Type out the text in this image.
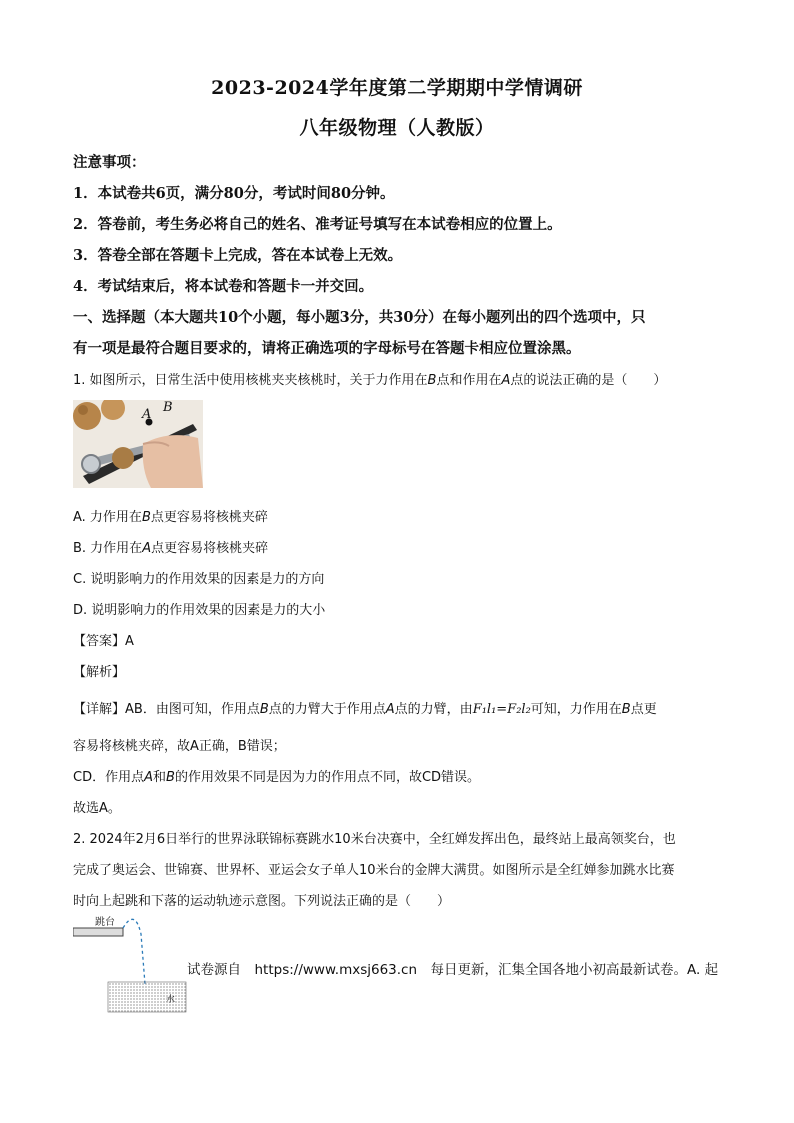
2023-2024学年度第二学期期中学情调研
八年级物理（人教版）
注意事项：
1．本试卷共6页，满分80分，考试时间80分钟。
2．答卷前，考生务必将自己的姓名、准考证号填写在本试卷相应的位置上。
3．答卷全部在答题卡上完成，答在本试卷上无效。
4．考试结束后，将本试卷和答题卡一并交回。
一、选择题（本大题共10个小题，每小题3分，共30分）在每小题列出的四个选项中，只
有一项是最符合题目要求的，请将正确选项的字母标号在答题卡相应位置涂黑。
1. 如图所示，日常生活中使用核桃夹夹核桃时，关于力作用在B点和作用在A点的说法正确的是（　　）
A B
A. 力作用在B点更容易将核桃夹碎
B. 力作用在A点更容易将核桃夹碎
C. 说明影响力的作用效果的因素是力的方向
D. 说明影响力的作用效果的因素是力的大小
【答案】A
【解析】
【详解】AB．由图可知，作用点B点的力臂大于作用点A点的力臂，由F₁l₁=F₂l₂可知，力作用在B点更
容易将核桃夹碎，故A正确，B错误；
CD．作用点A和B的作用效果不同是因为力的作用点不同，故CD错误。
故选A。
2. 2024年2月6日举行的世界泳联锦标赛跳水10米台决赛中，全红婵发挥出色，最终站上最高领奖台，也
完成了奥运会、世锦赛、世界杯、亚运会女子单人10米台的金牌大满贯。如图所示是全红婵参加跳水比赛
时向上起跳和下落的运动轨迹示意图。下列说法正确的是（　　）
跳台
水
试卷源自　https://www.mxsj663.cn　每日更新，汇集全国各地小初高最新试卷。A. 起
